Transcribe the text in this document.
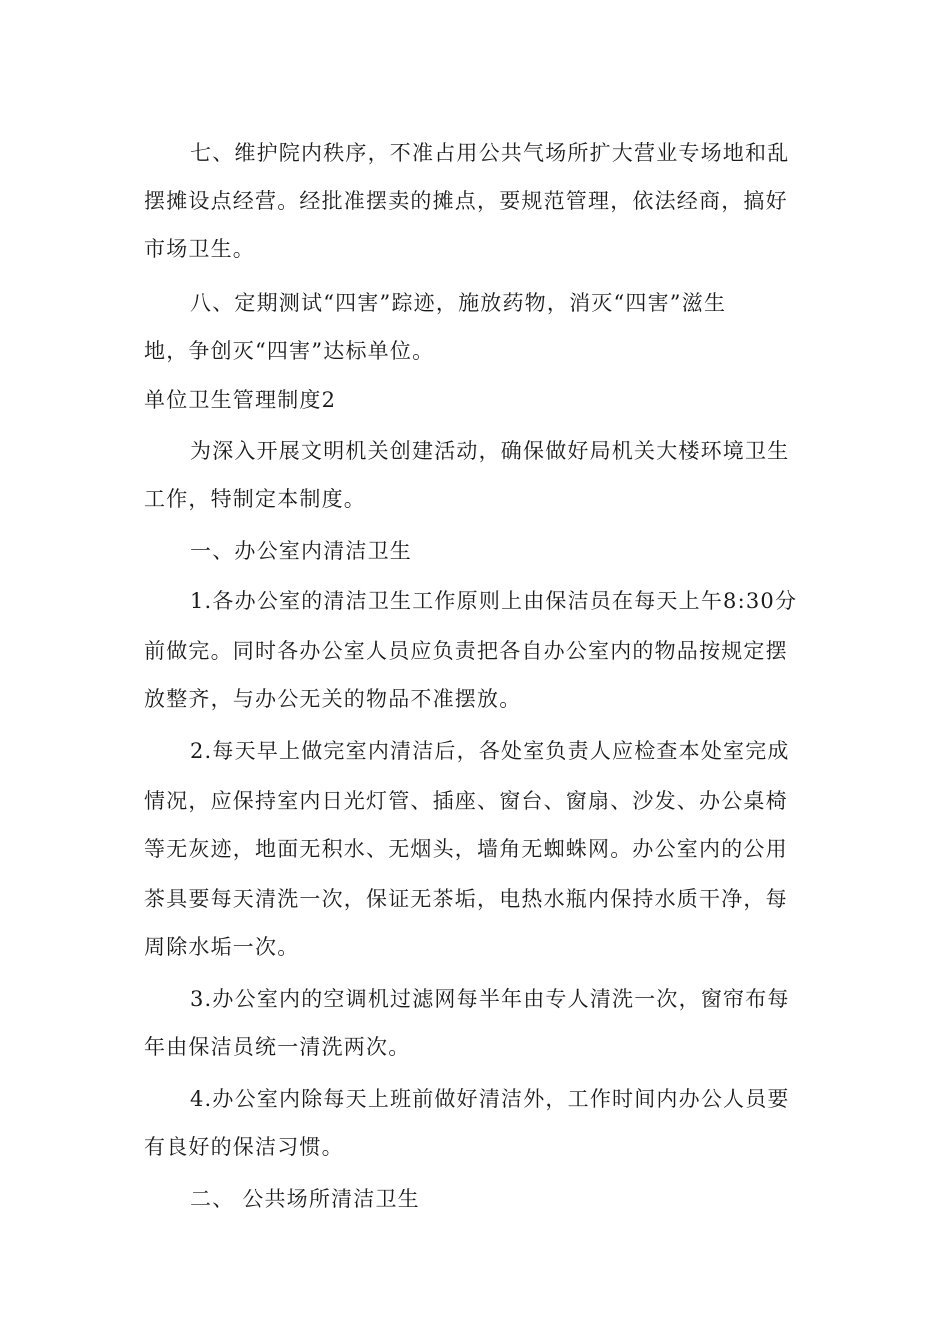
七、维护院内秩序，不准占用公共气场所扩大营业专场地和乱
摆摊设点经营。经批准摆卖的摊点，要规范管理，依法经商，搞好
市场卫生。
八、定期测试“四害”踪迹，施放药物，消灭“四害”滋生
地，争创灭“四害”达标单位。
单位卫生管理制度2
为深入开展文明机关创建活动，确保做好局机关大楼环境卫生
工作，特制定本制度。
一、办公室内清洁卫生
1.各办公室的清洁卫生工作原则上由保洁员在每天上午8:30分
前做完。同时各办公室人员应负责把各自办公室内的物品按规定摆
放整齐，与办公无关的物品不准摆放。
2.每天早上做完室内清洁后，各处室负责人应检查本处室完成
情况，应保持室内日光灯管、插座、窗台、窗扇、沙发、办公桌椅
等无灰迹，地面无积水、无烟头，墙角无蜘蛛网。办公室内的公用
茶具要每天清洗一次，保证无茶垢，电热水瓶内保持水质干净，每
周除水垢一次。
3.办公室内的空调机过滤网每半年由专人清洗一次，窗帘布每
年由保洁员统一清洗两次。
4.办公室内除每天上班前做好清洁外，工作时间内办公人员要
有良好的保洁习惯。
二、 公共场所清洁卫生
